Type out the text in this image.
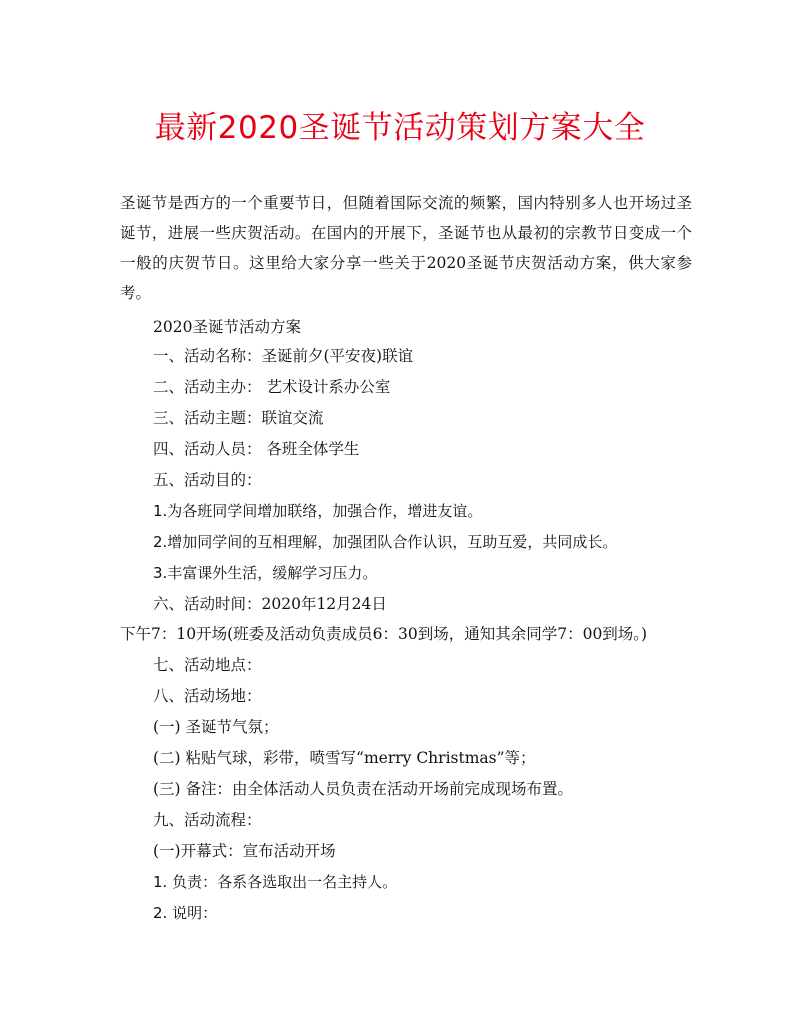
最新2020圣诞节活动策划方案大全
圣诞节是西方的一个重要节日，但随着国际交流的频繁，国内特别多人也开场过圣诞节，进展一些庆贺活动。在国内的开展下，圣诞节也从最初的宗教节日变成一个一般的庆贺节日。这里给大家分享一些关于2020圣诞节庆贺活动方案，供大家参考。
2020圣诞节活动方案
一、活动名称：圣诞前夕(平安夜)联谊
二、活动主办： 艺术设计系办公室
三、活动主题：联谊交流
四、活动人员： 各班全体学生
五、活动目的：
1.为各班同学间增加联络，加强合作，增进友谊。
2.增加同学间的互相理解，加强团队合作认识，互助互爱，共同成长。
3.丰富课外生活，缓解学习压力。
六、活动时间：2020年12月24日
下午7：10开场(班委及活动负责成员6：30到场，通知其余同学7：00到场。)
七、活动地点：
八、活动场地：
(一) 圣诞节气氛；
(二) 粘贴气球，彩带，喷雪写“merry Christmas”等；
(三) 备注：由全体活动人员负责在活动开场前完成现场布置。
九、活动流程：
(一)开幕式：宣布活动开场
1. 负责：各系各选取出一名主持人。
2. 说明：
